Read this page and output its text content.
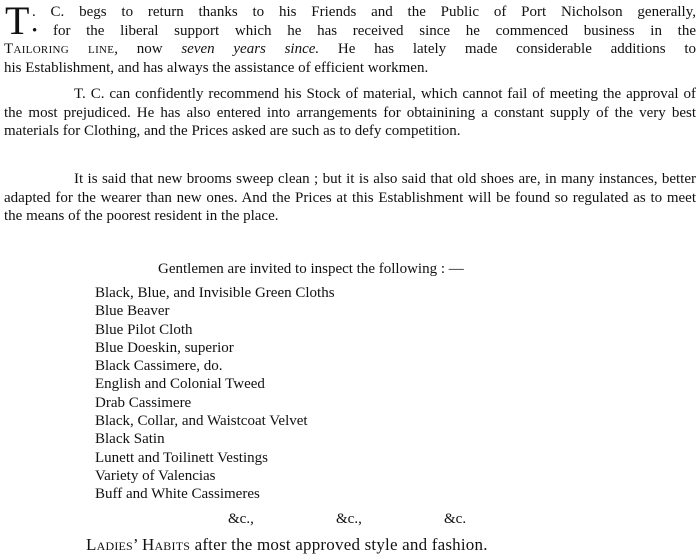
T . C. begs to return thanks to his Friends and the Public of Port Nicholson generally,
• for the liberal support which he has received since he commenced business in the
Tailoring line, now seven years since. He has lately made considerable additions to
his Establishment, and has always the assistance of efficient workmen.

T. C. can confidently recommend his Stock of material, which cannot fail of meeting the approval of the most prejudiced. He has also entered into arrangements for obtainining a constant supply of the very best materials for Clothing, and the Prices asked are such as to defy competition.

It is said that new brooms sweep clean ; but it is also said that old shoes are, in many instances, better adapted for the wearer than new ones. And the Prices at this Establishment will be found so regulated as to meet the means of the poorest resident in the place.

Gentlemen are invited to inspect the following : —
Black, Blue, and Invisible Green Cloths
Blue Beaver
Blue Pilot Cloth
Blue Doeskin, superior
Black Cassimere, do.
English and Colonial Tweed
Drab Cassimere
Black, Collar, and Waistcoat Velvet
Black Satin
Lunett and Toilinett Vestings
Variety of Valencias
Buff and White Cassimeres
&c.,	&c.,	&c.
Ladies’ Habits after the most approved style and fashion.
